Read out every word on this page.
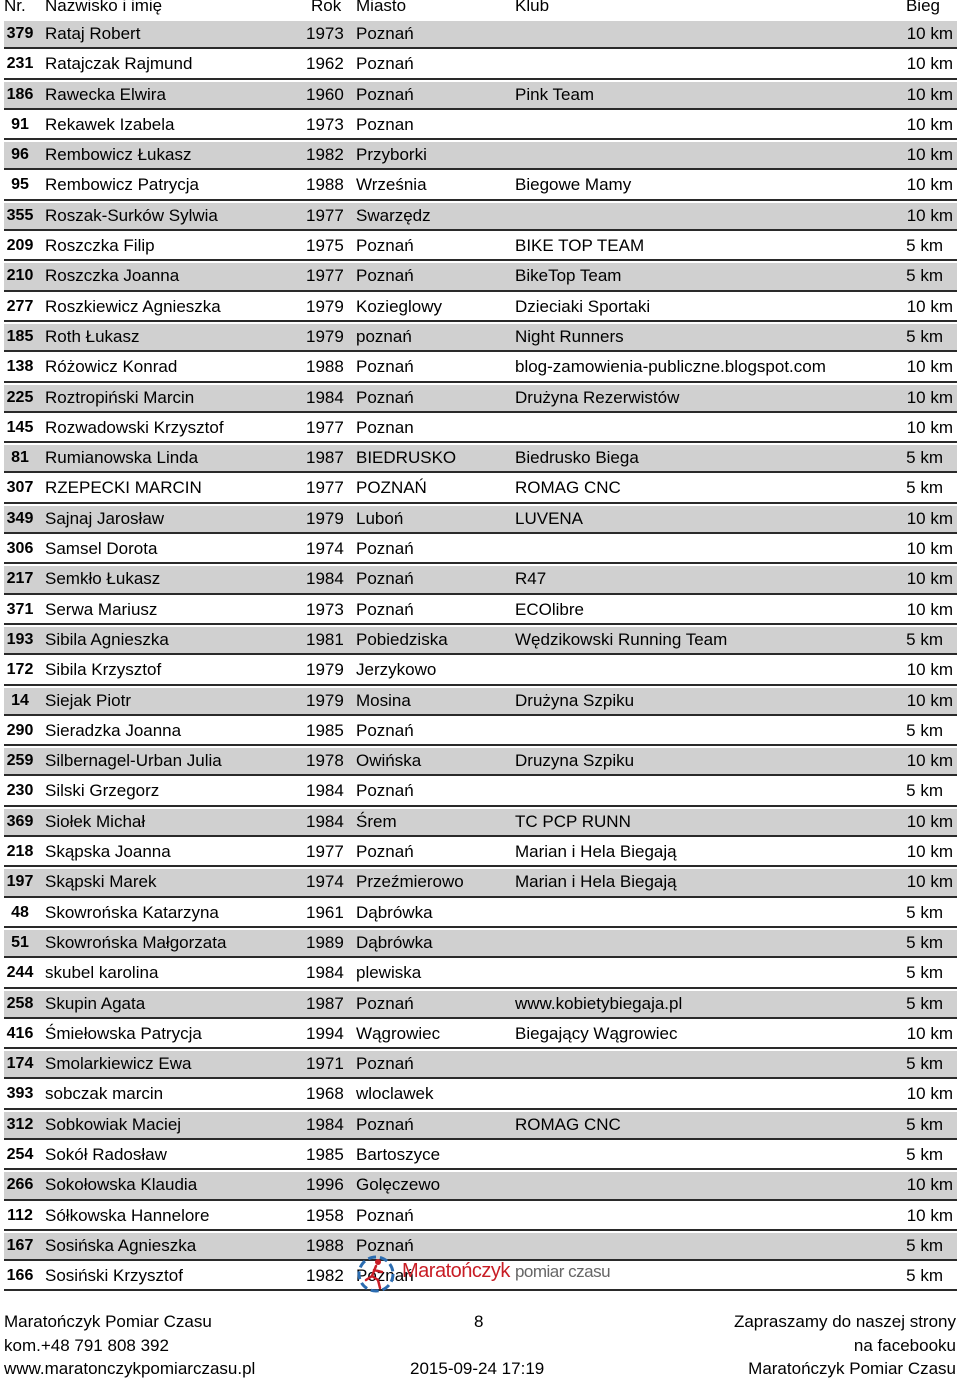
Nr. Nazwisko i imię	Rok Miasto	Klub	Bieg
379 Rataj Robert	1973 Poznań	10 km
231 Ratajczak Rajmund	1962 Poznań	10 km
186 Rawecka Elwira	1960 Poznań	Pink Team	10 km
91 Rekawek Izabela	1973 Poznan	10 km
96 Rembowicz Łukasz	1982 Przyborki	10 km
95 Rembowicz Patrycja	1988 Września	Biegowe Mamy	10 km
355 Roszak-Surków Sylwia	1977 Swarzędz	10 km
209 Roszczka Filip	1975 Poznań	BIKE TOP TEAM	5 km
210 Roszczka Joanna	1977 Poznań	BikeTop Team	5 km
277 Roszkiewicz Agnieszka	1979 Kozieglowy	Dzieciaki Sportaki	10 km
185 Roth Łukasz	1979 poznań	Night Runners	5 km
138 Różowicz Konrad	1988 Poznań	blog-zamowienia-publiczne.blogspot.com	10 km
225 Roztropiński Marcin	1984 Poznań	Drużyna Rezerwistów	10 km
145 Rozwadowski Krzysztof	1977 Poznan	10 km
81 Rumianowska Linda	1987 BIEDRUSKO	Biedrusko Biega	5 km
307 RZEPECKI MARCIN	1977 POZNAŃ	ROMAG CNC	5 km
349 Sajnaj Jarosław	1979 Luboń	LUVENA	10 km
306 Samsel Dorota	1974 Poznań	10 km
217 Semkło Łukasz	1984 Poznań	R47	10 km
371 Serwa Mariusz	1973 Poznań	ECOlibre	10 km
193 Sibila Agnieszka	1981 Pobiedziska	Wędzikowski Running Team	5 km
172 Sibila Krzysztof	1979 Jerzykowo	10 km
14 Siejak Piotr	1979 Mosina	Drużyna Szpiku	10 km
290 Sieradzka Joanna	1985 Poznań	5 km
259 Silbernagel-Urban Julia	1978 Owińska	Druzyna Szpiku	10 km
230 Silski Grzegorz	1984 Poznań	5 km
369 Siołek Michał	1984 Śrem	TC PCP RUNN	10 km
218 Skąpska Joanna	1977 Poznań	Marian i Hela Biegają	10 km
197 Skąpski Marek	1974 Przeźmierowo	Marian i Hela Biegają	10 km
48 Skowrońska Katarzyna	1961 Dąbrówka	5 km
51 Skowrońska Małgorzata	1989 Dąbrówka	5 km
244 skubel karolina	1984 plewiska	5 km
258 Skupin Agata	1987 Poznań	www.kobietybiegaja.pl	5 km
416 Śmiełowska Patrycja	1994 Wągrowiec	Biegający Wągrowiec	10 km
174 Smolarkiewicz Ewa	1971 Poznań	5 km
393 sobczak marcin	1968 wloclawek	10 km
312 Sobkowiak Maciej	1984 Poznań	ROMAG CNC	5 km
254 Sokół Radosław	1985 Bartoszyce	5 km
266 Sokołowska Klaudia	1996 Golęczewo	10 km
112 Sółkowska Hannelore	1958 Poznań	10 km
167 Sosińska Agnieszka	1988 Poznań	5 km
166 Sosiński Krzysztof	1982 Poznań	5 km
Maratończyk pomiar czasu
Maratończyk Pomiar Czasu
kom.+48 791 808 392
www.maratonczykpomiarczasu.pl
8
2015-09-24 17:19
Zapraszamy do naszej strony
na facebooku
Maratończyk Pomiar Czasu
